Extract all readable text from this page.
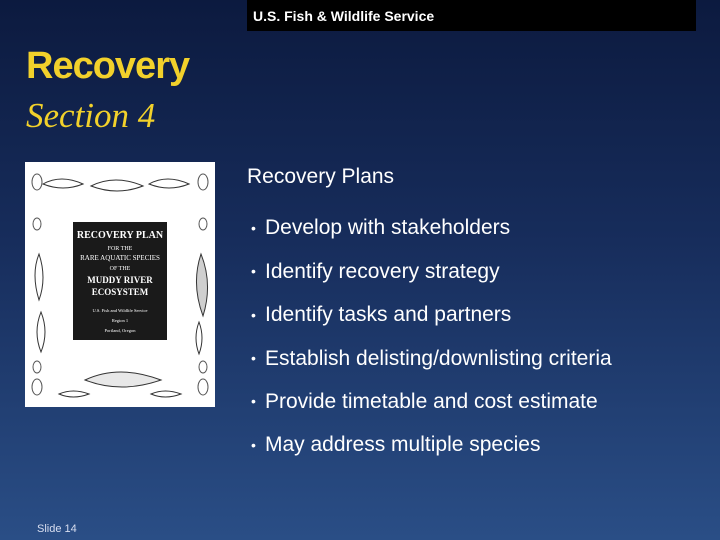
U.S. Fish & Wildlife Service
Recovery
Section 4
RECOVERY PLAN
FOR THE
RARE AQUATIC SPECIES
OF THE
MUDDY RIVER
ECOSYSTEM
U.S. Fish and Wildlife Service
Region 1
Portland, Oregon
Recovery Plans
• Develop with stakeholders
• Identify recovery strategy
• Identify tasks and partners
• Establish delisting/downlisting criteria
• Provide timetable and cost estimate
• May address multiple species
Slide 14
